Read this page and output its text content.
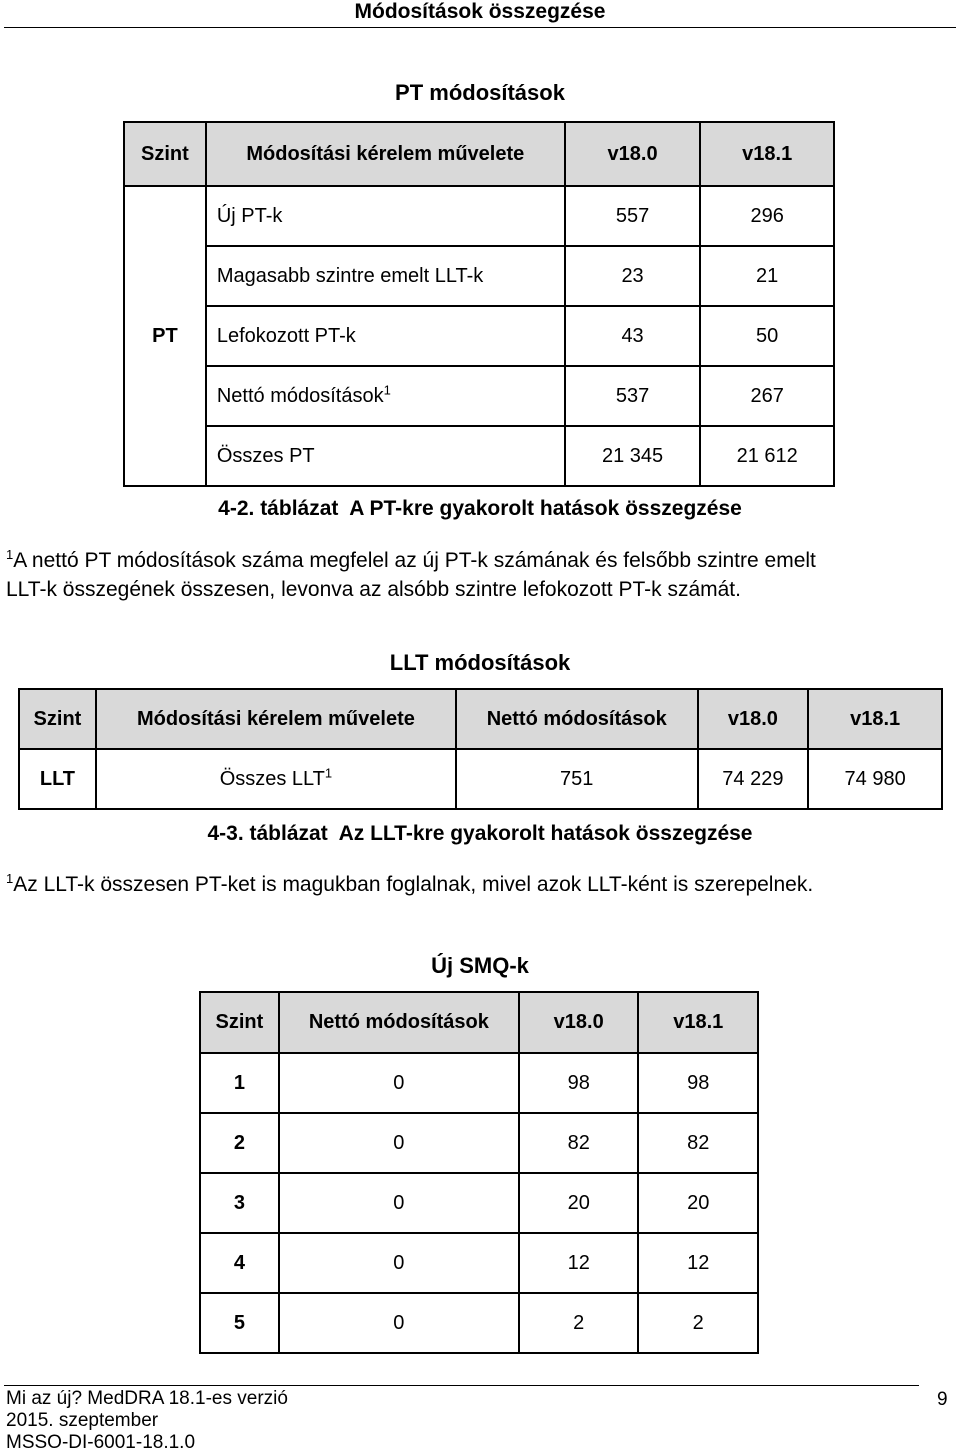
Módosítások összegzése
PT módosítások
Szint	Módosítási kérelem művelete	v18.0	v18.1
PT	Új PT-k	557	296
	Magasabb szintre emelt LLT-k	23	21
	Lefokozott PT-k	43	50
	Nettó módosítások$^1$	537	267
	Összes PT	21 345	21 612
4-2. táblázat  A PT-kre gyakorolt hatások összegzése
$^1$A nettó PT módosítások száma megfelel az új PT-k számának és felsőbb szintre emelt
LLT-k összegének összesen, levonva az alsóbb szintre lefokozott PT-k számát.
LLT módosítások
Szint	Módosítási kérelem művelete	Nettó módosítások	v18.0	v18.1
LLT	Összes LLT$^1$	751	74 229	74 980
4-3. táblázat  Az LLT-kre gyakorolt hatások összegzése
$^1$Az LLT-k összesen PT-ket is magukban foglalnak, mivel azok LLT-ként is szerepelnek.
Új SMQ-k
Szint	Nettó módosítások	v18.0	v18.1
1	0	98	98
2	0	82	82
3	0	20	20
4	0	12	12
5	0	2	2
Mi az új? MedDRA 18.1-es verzió
2015. szeptember
MSSO-DI-6001-18.1.0
9
